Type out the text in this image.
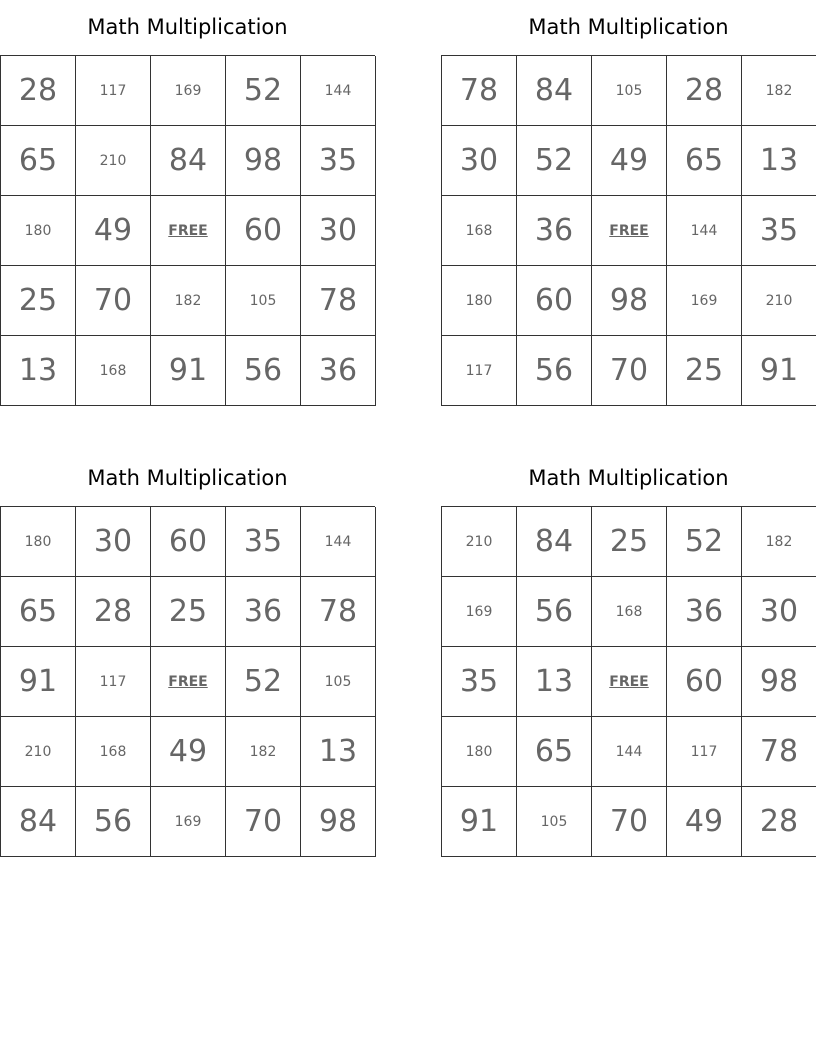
Math Multiplication
28	117	169	52	144
65	210	84	98	35
180	49	FREE	60	30
25	70	182	105	78
13	168	91	56	36
Math Multiplication
78	84	105	28	182
30	52	49	65	13
168	36	FREE	144	35
180	60	98	169	210
117	56	70	25	91
Math Multiplication
180	30	60	35	144
65	28	25	36	78
91	117	FREE	52	105
210	168	49	182	13
84	56	169	70	98
Math Multiplication
210	84	25	52	182
169	56	168	36	30
35	13	FREE	60	98
180	65	144	117	78
91	105	70	49	28
